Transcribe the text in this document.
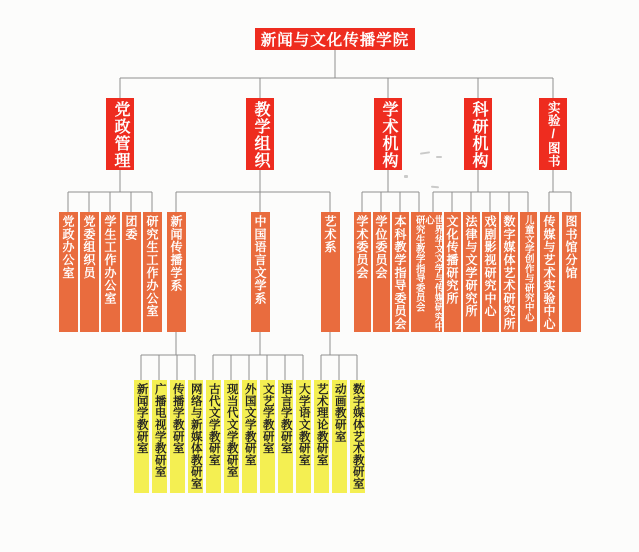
新闻与文化传播学院
党政管理
党政办公室 党委组织员 学生工作办公室 团委 研究生工作办公室
教学组织
新闻传播学系	中国语言文学系	艺术系
学术机构
学术委员会 学位委员会 本科教学指导委员会 研究生教学指导委员会
科研机构
世界华文文学与传媒研究中心 文化传播研究所 法律与文学研究所 戏剧影视研究中心 数字媒体艺术研究所 儿童文学创作与研究中心
实验/图书
传媒与艺术实验中心 图书馆分馆
新闻学教研室 广播电视学教研室 传播学教研室 网络与新媒体教研室 古代文学教研室 现当代文学教研室 外国文学教研室 文艺学教研室 语言学教研室 大学语文教研室 艺术理论教研室 动画教研室 数字媒体艺术教研室
